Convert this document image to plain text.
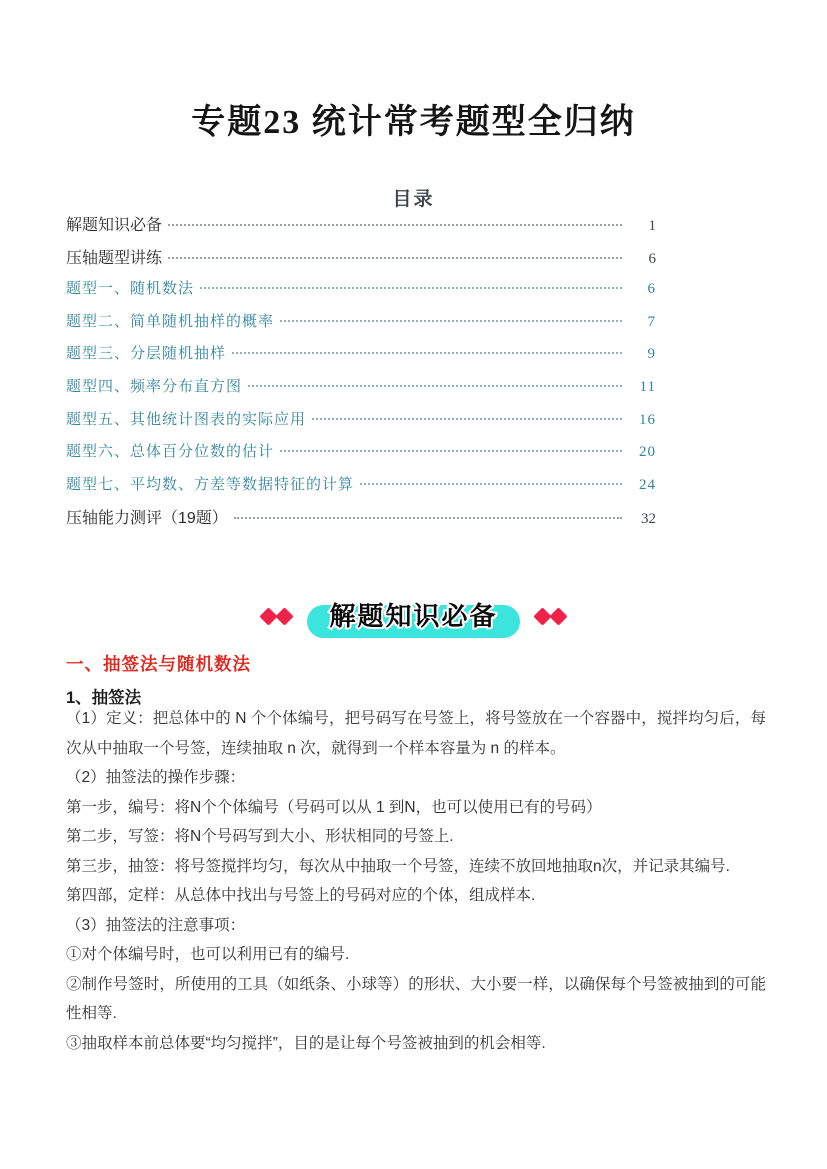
专题23 统计常考题型全归纳
目录
解题知识必备	1
压轴题型讲练	6
题型一、随机数法	6
题型二、简单随机抽样的概率	7
题型三、分层随机抽样	9
题型四、频率分布直方图	11
题型五、其他统计图表的实际应用	16
题型六、总体百分位数的估计	20
题型七、平均数、方差等数据特征的计算	24
压轴能力测评（19题）	32
解题知识必备
一、抽签法与随机数法
1、抽签法

（1）定义：把总体中的 N 个个体编号，把号码写在号签上，将号签放在一个容器中，搅拌均匀后，每次从中抽取一个号签，连续抽取 n 次，就得到一个样本容量为 n 的样本。

（2）抽签法的操作步骤：

第一步，编号：将N个个体编号（号码可以从 1 到N，也可以使用已有的号码）

第二步，写签：将N个号码写到大小、形状相同的号签上.

第三步，抽签：将号签搅拌均匀，每次从中抽取一个号签，连续不放回地抽取n次，并记录其编号.

第四部，定样：从总体中找出与号签上的号码对应的个体，组成样本.

（3）抽签法的注意事项：

①对个体编号时，也可以利用已有的编号.

②制作号签时，所使用的工具（如纸条、小球等）的形状、大小要一样，以确保每个号签被抽到的可能性相等.

③抽取样本前总体要“均匀搅拌”，目的是让每个号签被抽到的机会相等.
